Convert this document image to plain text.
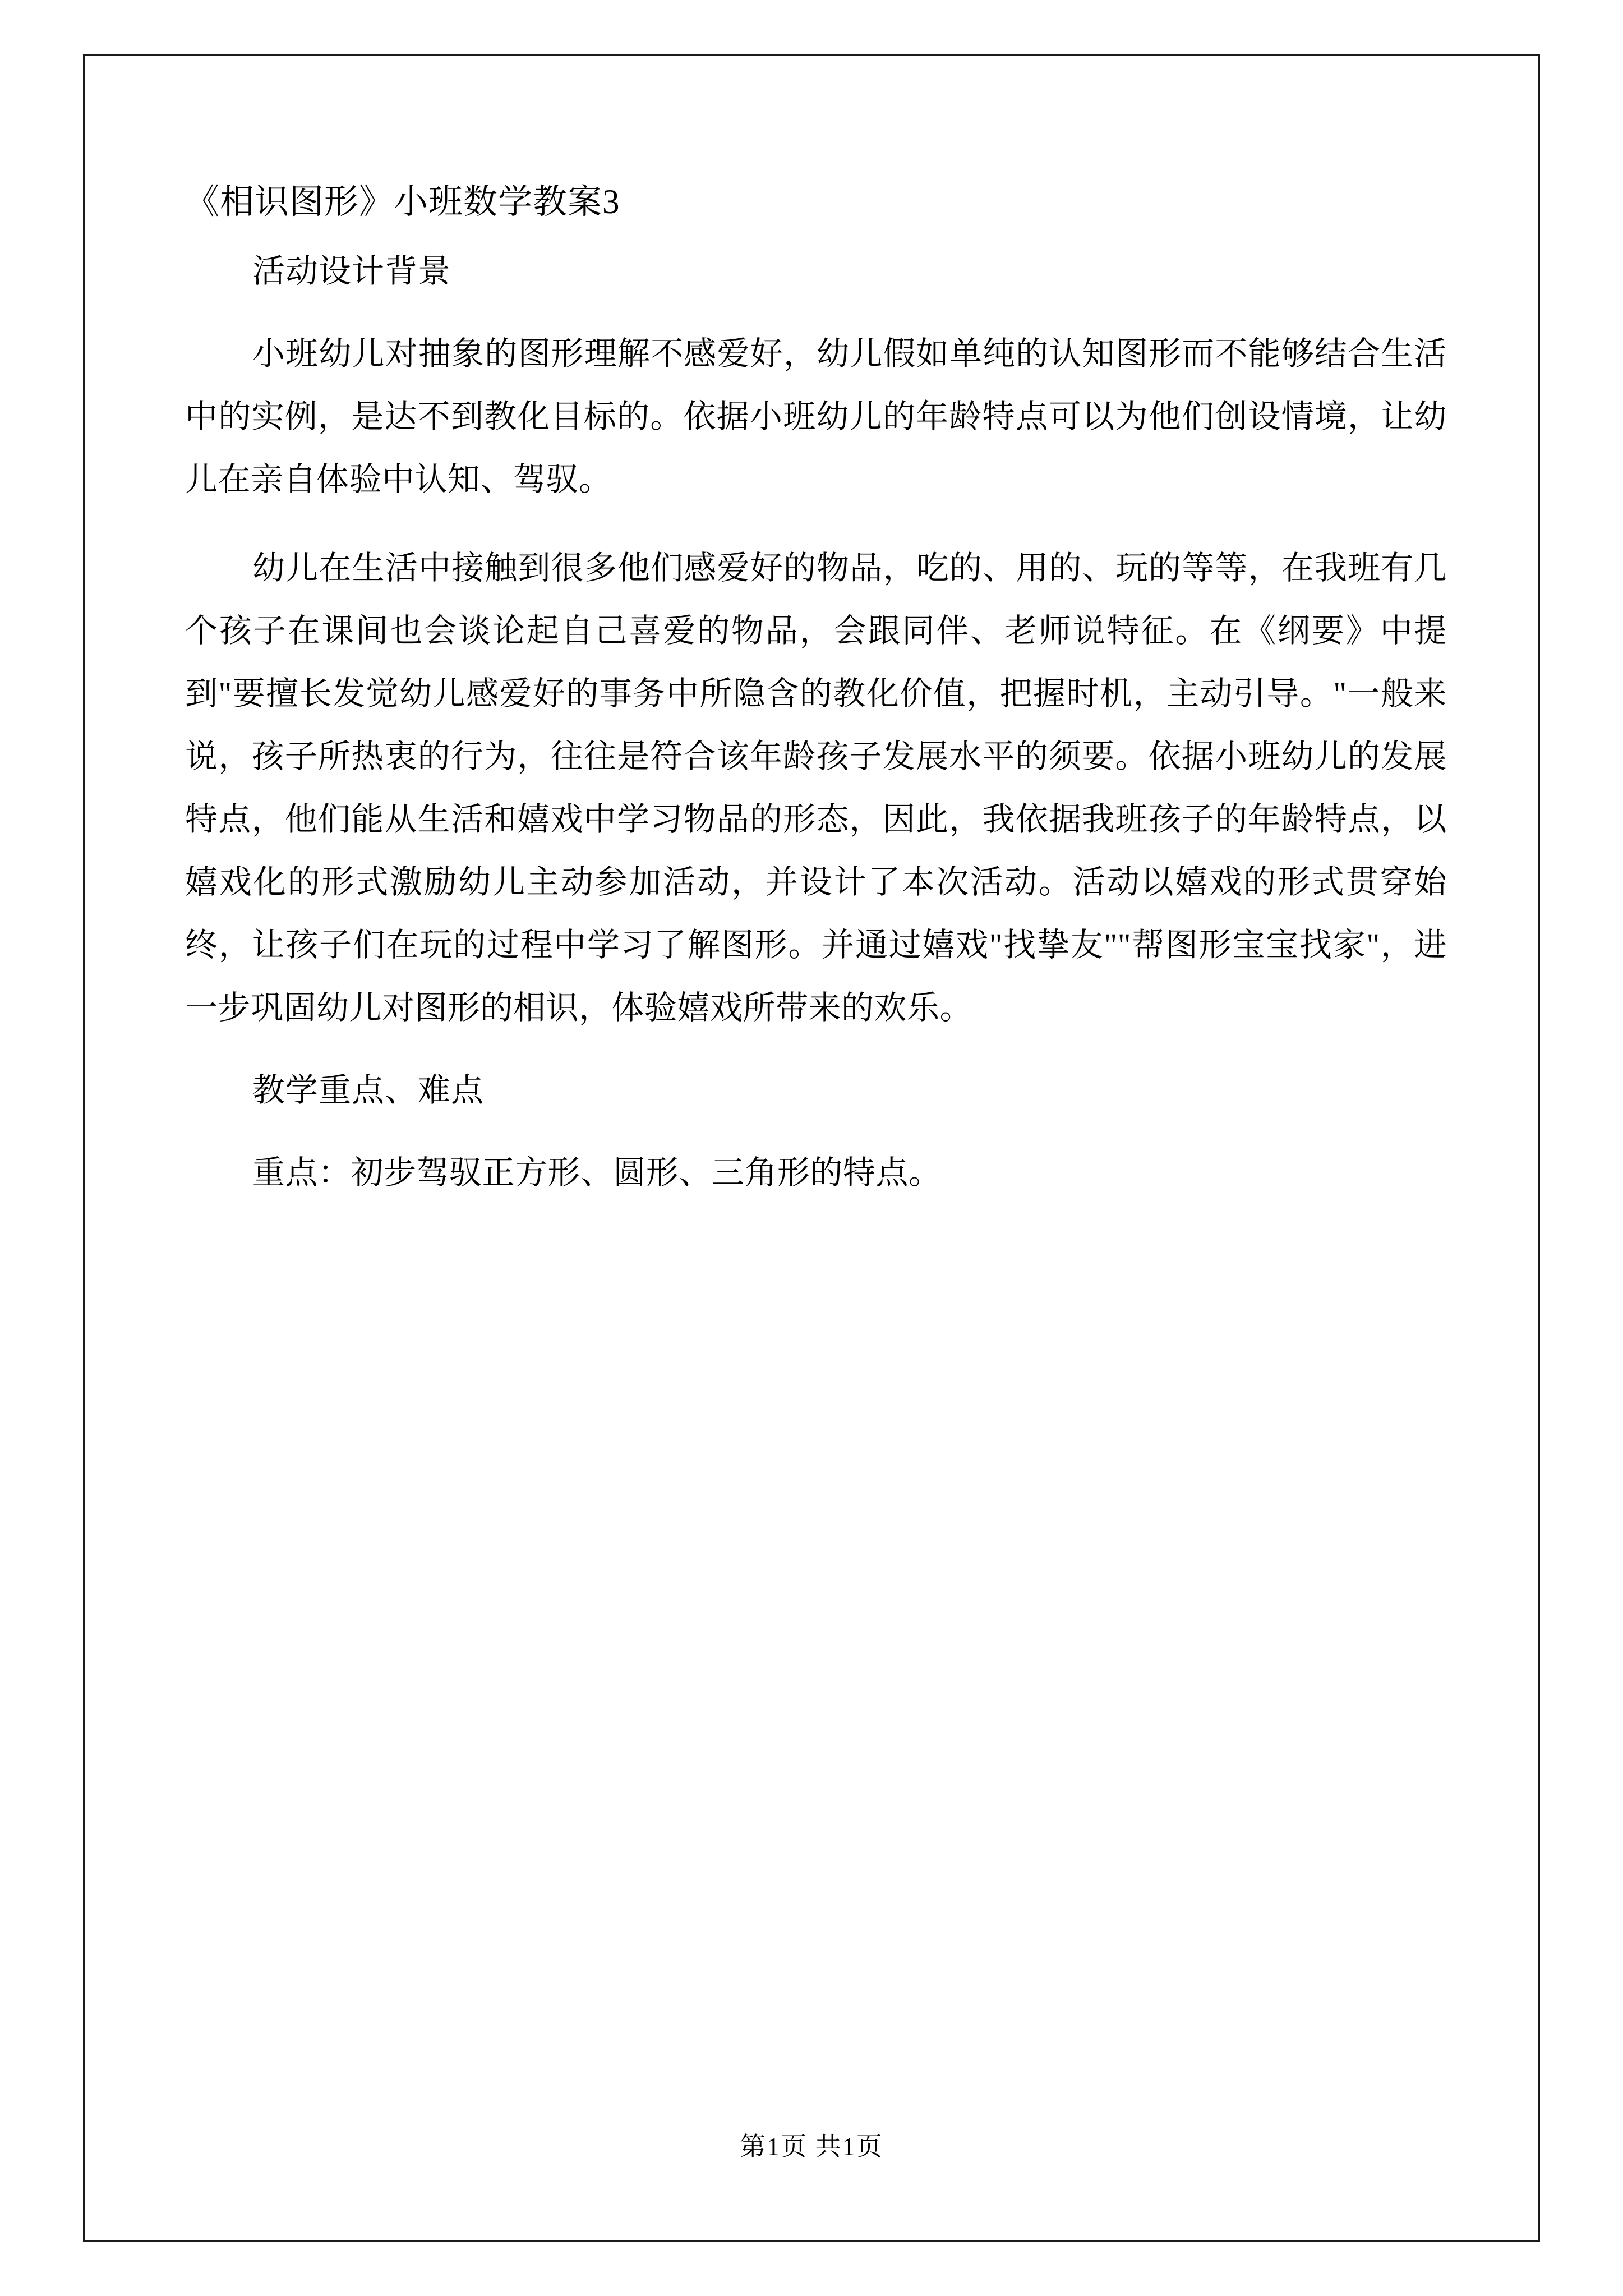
《相识图形》小班数学教案3
活动设计背景
小班幼儿对抽象的图形理解不感爱好，幼儿假如单纯的认知图形而不能够结合生活中的实例，是达不到教化目标的。依据小班幼儿的年龄特点可以为他们创设情境，让幼儿在亲自体验中认知、驾驭。
幼儿在生活中接触到很多他们感爱好的物品，吃的、用的、玩的等等，在我班有几个孩子在课间也会谈论起自己喜爱的物品，会跟同伴、老师说特征。在《纲要》中提到"要擅长发觉幼儿感爱好的事务中所隐含的教化价值，把握时机，主动引导。"一般来说，孩子所热衷的行为，往往是符合该年龄孩子发展水平的须要。依据小班幼儿的发展特点，他们能从生活和嬉戏中学习物品的形态，因此，我依据我班孩子的年龄特点，以嬉戏化的形式激励幼儿主动参加活动，并设计了本次活动。活动以嬉戏的形式贯穿始终，让孩子们在玩的过程中学习了解图形。并通过嬉戏"找挚友""帮图形宝宝找家"，进一步巩固幼儿对图形的相识，体验嬉戏所带来的欢乐。
教学重点、难点
重点：初步驾驭正方形、圆形、三角形的特点。
第1页 共1页
